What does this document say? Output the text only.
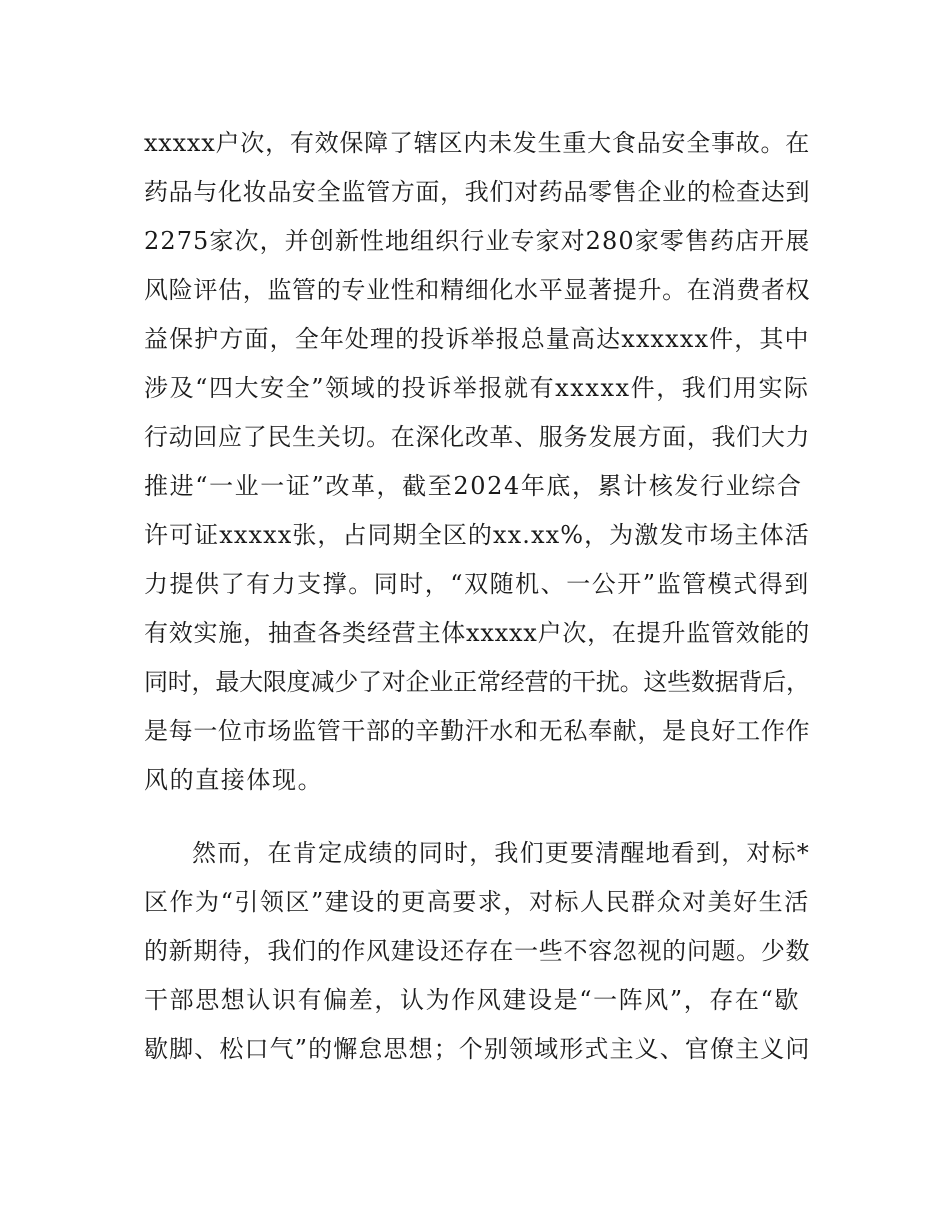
xxxxx户次，有效保障了辖区内未发生重大食品安全事故。在

药品与化妆品安全监管方面，我们对药品零售企业的检查达到

2275家次，并创新性地组织行业专家对280家零售药店开展

风险评估，监管的专业性和精细化水平显著提升。在消费者权

益保护方面，全年处理的投诉举报总量高达xxxxxx件，其中

涉及“四大安全”领域的投诉举报就有xxxxx件，我们用实际

行动回应了民生关切。在深化改革、服务发展方面，我们大力

推进“一业一证”改革，截至2024年底，累计核发行业综合

许可证xxxxx张，占同期全区的xx.xx%，为激发市场主体活

力提供了有力支撑。同时，“双随机、一公开”监管模式得到

有效实施，抽查各类经营主体xxxxx户次，在提升监管效能的

同时，最大限度减少了对企业正常经营的干扰。这些数据背后，

是每一位市场监管干部的辛勤汗水和无私奉献，是良好工作作

风的直接体现。

然而，在肯定成绩的同时，我们更要清醒地看到，对标*

区作为“引领区”建设的更高要求，对标人民群众对美好生活

的新期待，我们的作风建设还存在一些不容忽视的问题。少数

干部思想认识有偏差，认为作风建设是“一阵风”，存在“歇

歇脚、松口气”的懈怠思想；个别领域形式主义、官僚主义问
